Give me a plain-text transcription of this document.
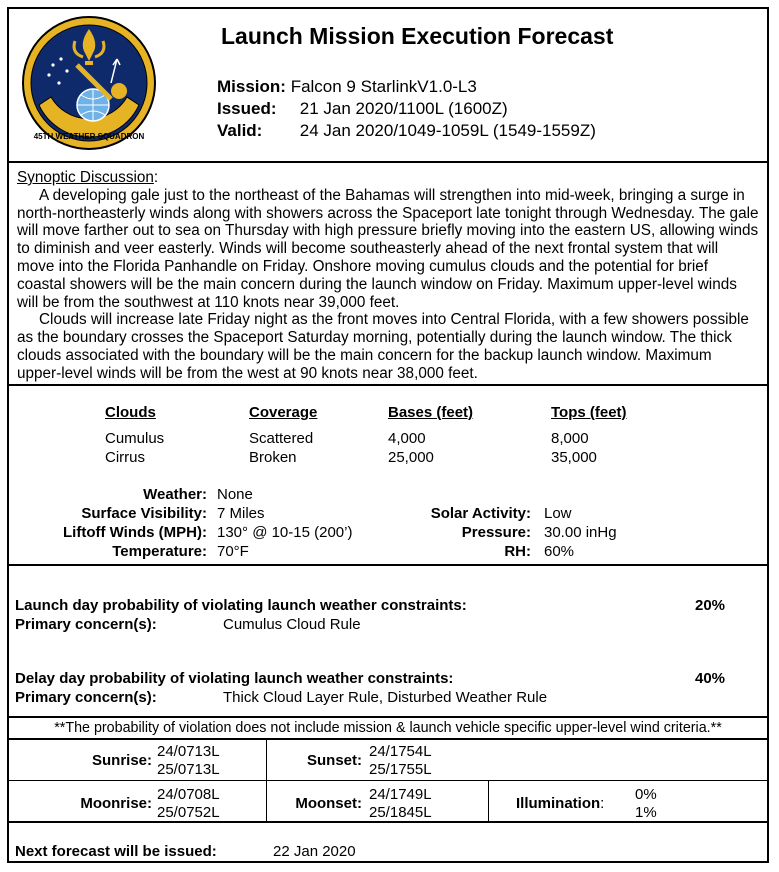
45TH WEATHER SQUADRON
Launch Mission Execution Forecast
Mission: Falcon 9 StarlinkV1.0-L3
Issued: 21 Jan 2020/1100L (1600Z)
Valid: 24 Jan 2020/1049-1059L (1549-1559Z)
Synoptic Discussion:

A developing gale just to the northeast of the Bahamas will strengthen into mid-week, bringing a surge in north-northeasterly winds along with showers across the Spaceport late tonight through Wednesday. The gale will move farther out to sea on Thursday with high pressure briefly moving into the eastern US, allowing winds to diminish and veer easterly. Winds will become southeasterly ahead of the next frontal system that will move into the Florida Panhandle on Friday. Onshore moving cumulus clouds and the potential for brief coastal showers will be the main concern during the launch window on Friday. Maximum upper-level winds will be from the southwest at 110 knots near 39,000 feet.

Clouds will increase late Friday night as the front moves into Central Florida, with a few showers possible as the boundary crosses the Spaceport Saturday morning, potentially during the launch window. The thick clouds associated with the boundary will be the main concern for the backup launch window. Maximum upper-level winds will be from the west at 90 knots near 38,000 feet.

Clouds	Coverage	Bases (feet)	Tops (feet)
Cumulus	Scattered	4,000	8,000
Cirrus	Broken	25,000	35,000
Weather: None
Surface Visibility: 7 Miles
Liftoff Winds (MPH): 130° @ 10-15 (200’)
Temperature: 70°F
Solar Activity: Low
Pressure: 30.00 inHg
RH: 60%
Launch day probability of violating launch weather constraints:	20%
Primary concern(s):	Cumulus Cloud Rule
Delay day probability of violating launch weather constraints:	40%
Primary concern(s):	Thick Cloud Layer Rule, Disturbed Weather Rule
**The probability of violation does not include mission & launch vehicle specific upper-level wind criteria.**
Sunrise:
24/0713L
25/0713L
Sunset:
24/1754L
25/1755L
Moonrise:
24/0708L
25/0752L
Moonset:
24/1749L
25/1845L
Illumination:
0%
1%
Next forecast will be issued:	22 Jan 2020
